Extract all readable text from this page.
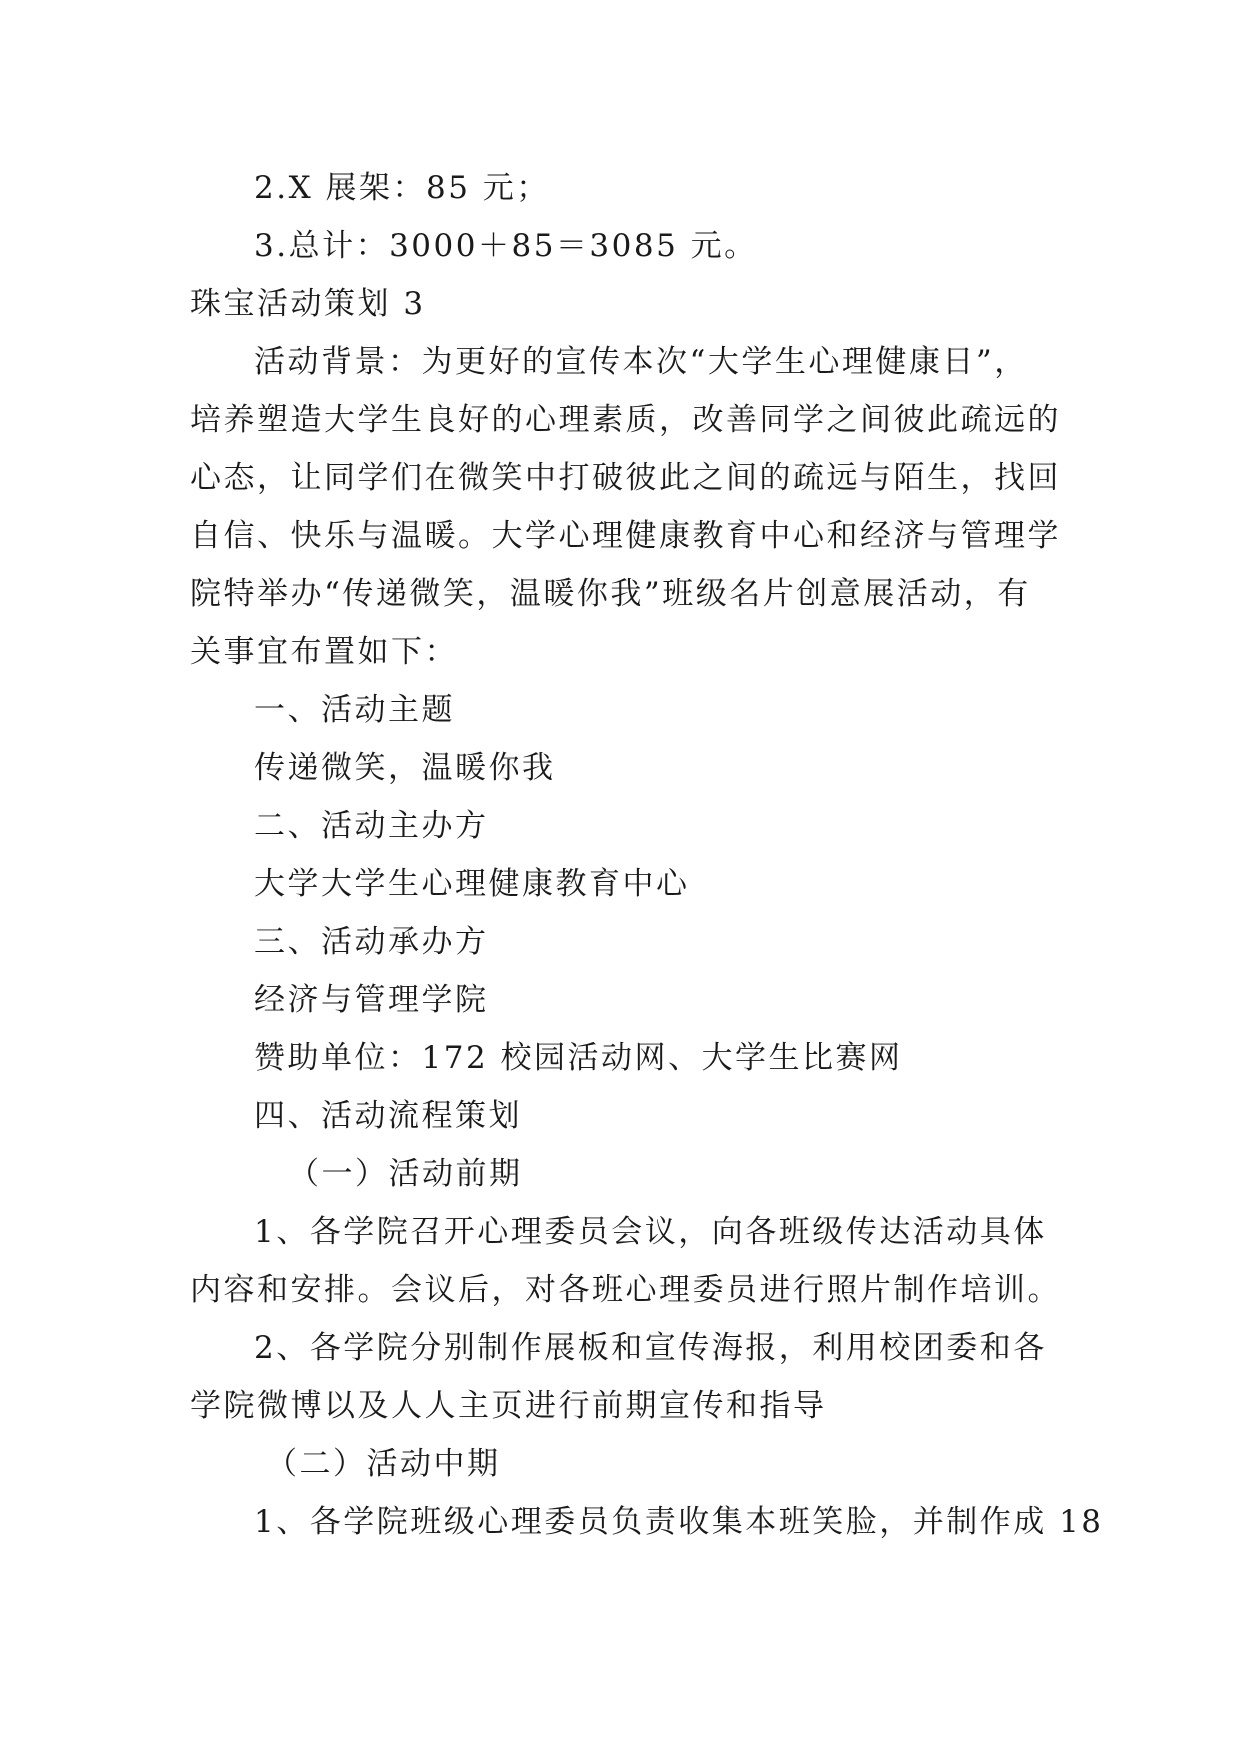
2.X 展架：85 元；
3.总计：3000＋85＝3085 元。
珠宝活动策划 3
活动背景：为更好的宣传本次“大学生心理健康日”，
培养塑造大学生良好的心理素质，改善同学之间彼此疏远的
心态，让同学们在微笑中打破彼此之间的疏远与陌生，找回
自信、快乐与温暖。大学心理健康教育中心和经济与管理学
院特举办“传递微笑，温暖你我”班级名片创意展活动，有
关事宜布置如下：
一、活动主题
传递微笑，温暖你我
二、活动主办方
大学大学生心理健康教育中心
三、活动承办方
经济与管理学院
赞助单位：172 校园活动网、大学生比赛网
四、活动流程策划
（一）活动前期
1、各学院召开心理委员会议，向各班级传达活动具体
内容和安排。会议后，对各班心理委员进行照片制作培训。
2、各学院分别制作展板和宣传海报，利用校团委和各
学院微博以及人人主页进行前期宣传和指导
（二）活动中期
1、各学院班级心理委员负责收集本班笑脸，并制作成 18
